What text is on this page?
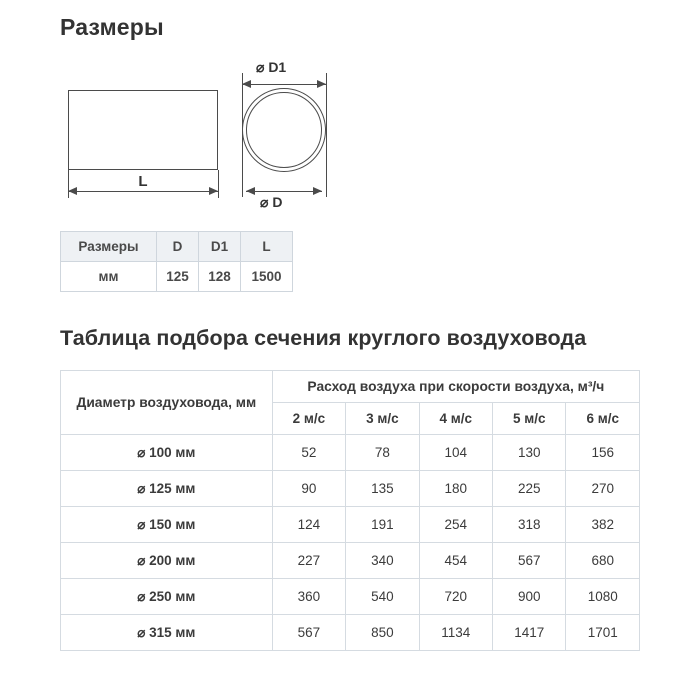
Размеры
L
⌀ D1
⌀ D
Размеры	D	D1	L
мм	125	128	1500
Таблица подбора сечения круглого воздуховода
Диаметр воздуховода, мм	Расход воздуха при скорости воздуха, м³/ч				
	2 м/с	3 м/с	4 м/с	5 м/с	6 м/с
⌀ 100 мм	52	78	104	130	156
⌀ 125 мм	90	135	180	225	270
⌀ 150 мм	124	191	254	318	382
⌀ 200 мм	227	340	454	567	680
⌀ 250 мм	360	540	720	900	1080
⌀ 315 мм	567	850	1134	1417	1701
